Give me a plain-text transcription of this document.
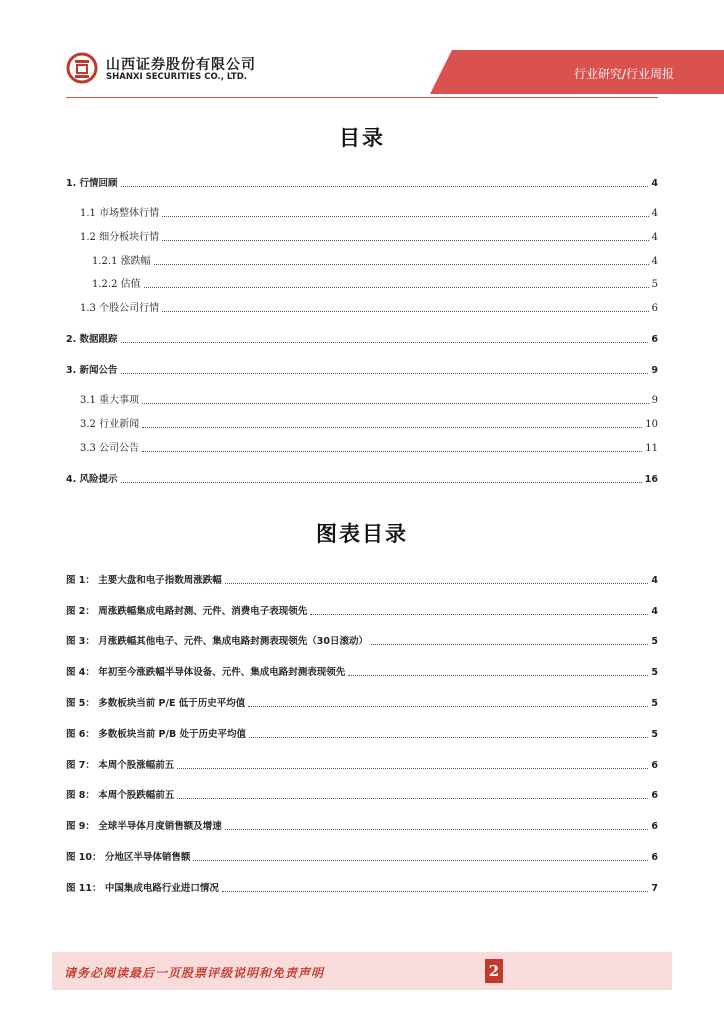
山西证券股份有限公司
SHANXI SECURITIES CO., LTD.	行业研究/行业周报
目录
1. 行情回顾	4
1.1 市场整体行情	4
1.2 细分板块行情	4
1.2.1 涨跌幅	4
1.2.2 估值	5
1.3 个股公司行情	6
2. 数据跟踪	6
3. 新闻公告	9
3.1 重大事项	9
3.2 行业新闻	10
3.3 公司公告	11
4. 风险提示	16
图表目录
图 1： 主要大盘和电子指数周涨跌幅	4
图 2： 周涨跌幅集成电路封测、元件、消费电子表现领先	4
图 3： 月涨跌幅其他电子、元件、集成电路封测表现领先（30日滚动）	5
图 4： 年初至今涨跌幅半导体设备、元件、集成电路封测表现领先	5
图 5： 多数板块当前 P/E 低于历史平均值	5
图 6： 多数板块当前 P/B 处于历史平均值	5
图 7： 本周个股涨幅前五	6
图 8： 本周个股跌幅前五	6
图 9： 全球半导体月度销售额及增速	6
图 10： 分地区半导体销售额	6
图 11： 中国集成电路行业进口情况	7
请务必阅读最后一页股票评级说明和免责声明	2
